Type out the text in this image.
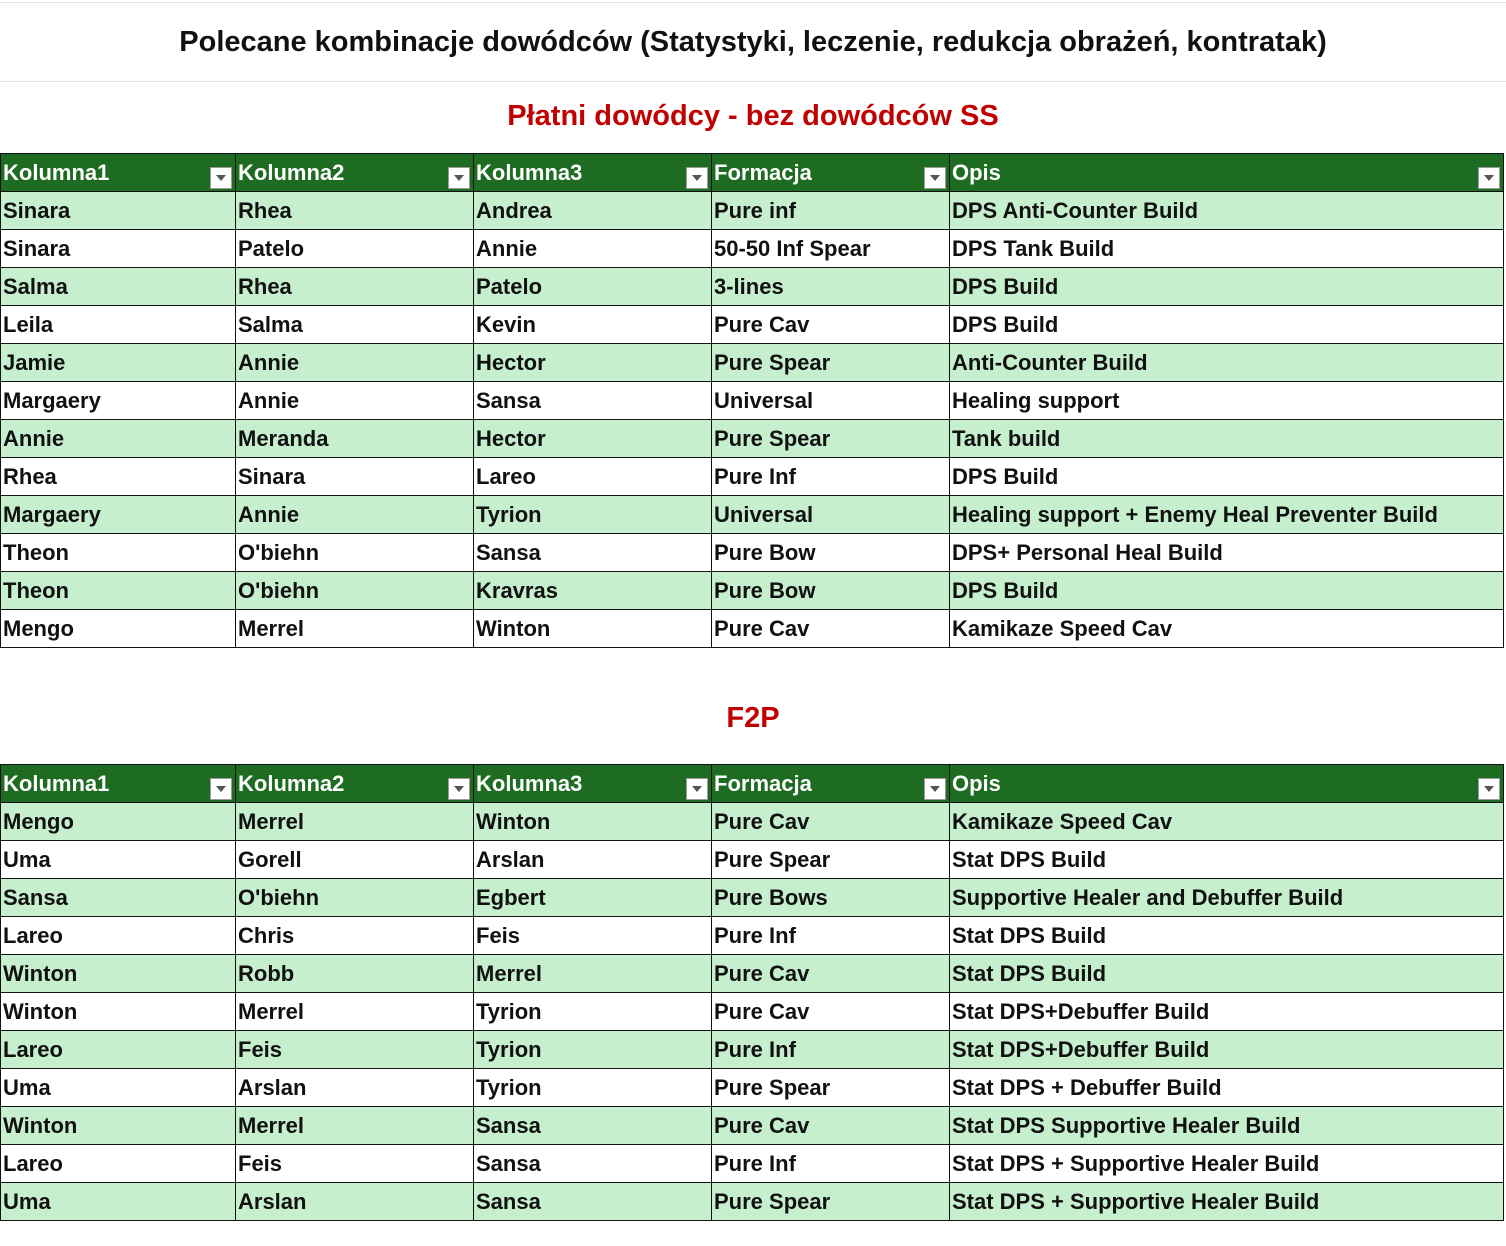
Polecane kombinacje dowódców (Statystyki, leczenie, redukcja obrażeń, kontratak)
Płatni dowódcy - bez dowódców SS
Kolumna1	Kolumna2	Kolumna3	Formacja	Opis

Sinara	Rhea	Andrea	Pure inf	DPS Anti-Counter Build
Sinara	Patelo	Annie	50-50 Inf Spear	DPS Tank Build
Salma	Rhea	Patelo	3-lines	DPS Build
Leila	Salma	Kevin	Pure Cav	DPS Build
Jamie	Annie	Hector	Pure Spear	Anti-Counter Build
Margaery	Annie	Sansa	Universal	Healing support
Annie	Meranda	Hector	Pure Spear	Tank build
Rhea	Sinara	Lareo	Pure Inf	DPS Build
Margaery	Annie	Tyrion	Universal	Healing support + Enemy Heal Preventer Build
Theon	O'biehn	Sansa	Pure Bow	DPS+ Personal Heal Build
Theon	O'biehn	Kravras	Pure Bow	DPS Build
Mengo	Merrel	Winton	Pure Cav	Kamikaze Speed Cav
F2P
Kolumna1	Kolumna2	Kolumna3	Formacja	Opis

Mengo	Merrel	Winton	Pure Cav	Kamikaze Speed Cav
Uma	Gorell	Arslan	Pure Spear	Stat DPS Build
Sansa	O'biehn	Egbert	Pure Bows	Supportive Healer and Debuffer Build
Lareo	Chris	Feis	Pure Inf	Stat DPS Build
Winton	Robb	Merrel	Pure Cav	Stat DPS Build
Winton	Merrel	Tyrion	Pure Cav	Stat DPS+Debuffer Build
Lareo	Feis	Tyrion	Pure Inf	Stat DPS+Debuffer Build
Uma	Arslan	Tyrion	Pure Spear	Stat DPS + Debuffer Build
Winton	Merrel	Sansa	Pure Cav	Stat DPS Supportive Healer Build
Lareo	Feis	Sansa	Pure Inf	Stat DPS + Supportive Healer Build
Uma	Arslan	Sansa	Pure Spear	Stat DPS + Supportive Healer Build
